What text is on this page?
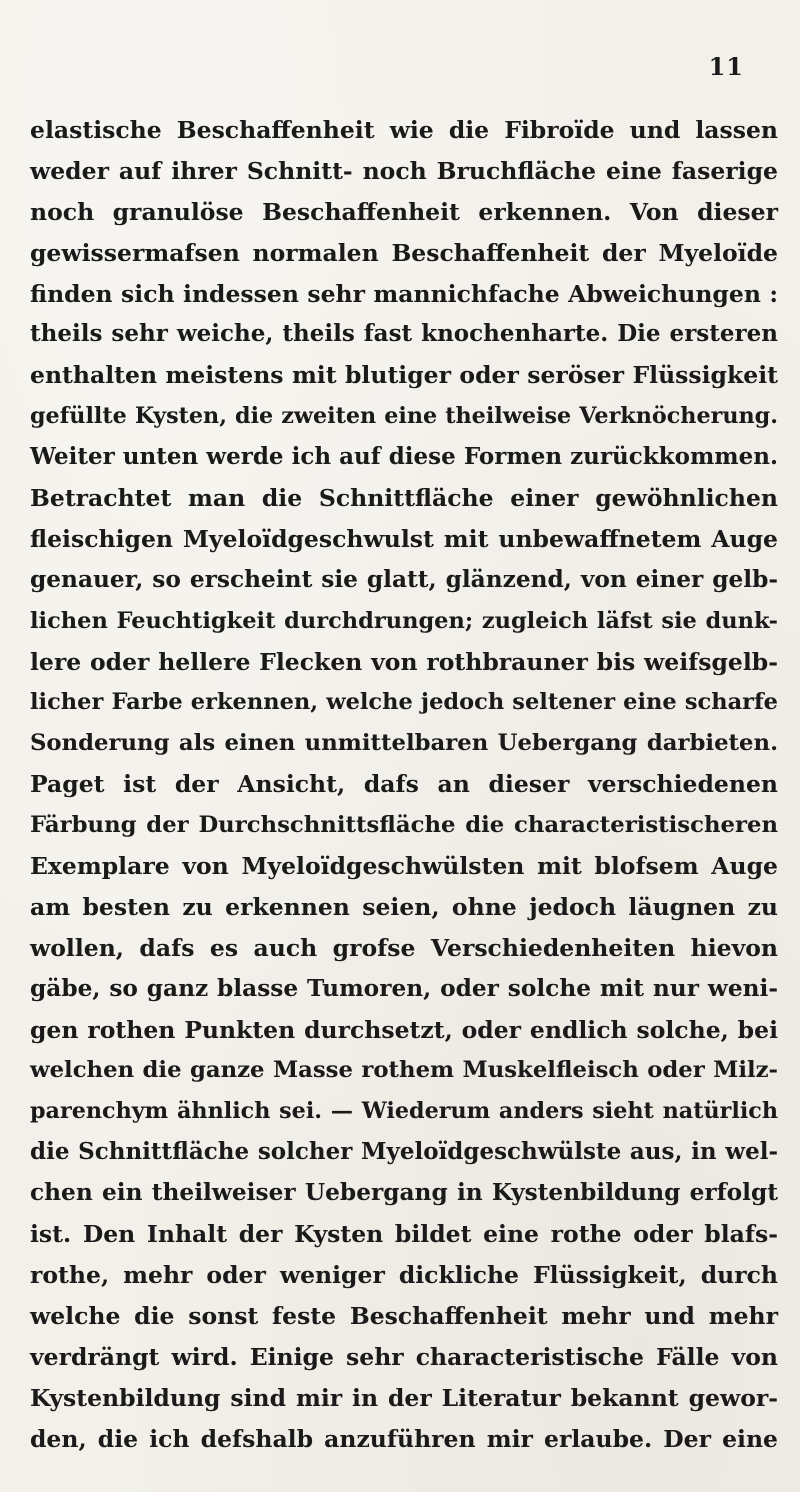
11
elastische Beschaffenheit wie die Fibroïde und lassen
weder auf ihrer Schnitt- noch Bruchfläche eine faserige
noch granulöse Beschaffenheit erkennen. Von dieser
gewissermafsen normalen Beschaffenheit der Myeloïde
finden sich indessen sehr mannichfache Abweichungen :
theils sehr weiche, theils fast knochenharte. Die ersteren
enthalten meistens mit blutiger oder seröser Flüssigkeit
gefüllte Kysten, die zweiten eine theilweise Verknöcherung.
Weiter unten werde ich auf diese Formen zurückkommen.
Betrachtet man die Schnittfläche einer gewöhnlichen
fleischigen Myeloïdgeschwulst mit unbewaffnetem Auge
genauer, so erscheint sie glatt, glänzend, von einer gelb-
lichen Feuchtigkeit durchdrungen; zugleich läfst sie dunk-
lere oder hellere Flecken von rothbrauner bis weifsgelb-
licher Farbe erkennen, welche jedoch seltener eine scharfe
Sonderung als einen unmittelbaren Uebergang darbieten.
Paget ist der Ansicht, dafs an dieser verschiedenen
Färbung der Durchschnittsfläche die characteristischeren
Exemplare von Myeloïdgeschwülsten mit blofsem Auge
am besten zu erkennen seien, ohne jedoch läugnen zu
wollen, dafs es auch grofse Verschiedenheiten hievon
gäbe, so ganz blasse Tumoren, oder solche mit nur weni-
gen rothen Punkten durchsetzt, oder endlich solche, bei
welchen die ganze Masse rothem Muskelfleisch oder Milz-
parenchym ähnlich sei. — Wiederum anders sieht natürlich
die Schnittfläche solcher Myeloïdgeschwülste aus, in wel-
chen ein theilweiser Uebergang in Kystenbildung erfolgt
ist. Den Inhalt der Kysten bildet eine rothe oder blafs-
rothe, mehr oder weniger dickliche Flüssigkeit, durch
welche die sonst feste Beschaffenheit mehr und mehr
verdrängt wird. Einige sehr characteristische Fälle von
Kystenbildung sind mir in der Literatur bekannt gewor-
den, die ich defshalb anzuführen mir erlaube. Der eine
